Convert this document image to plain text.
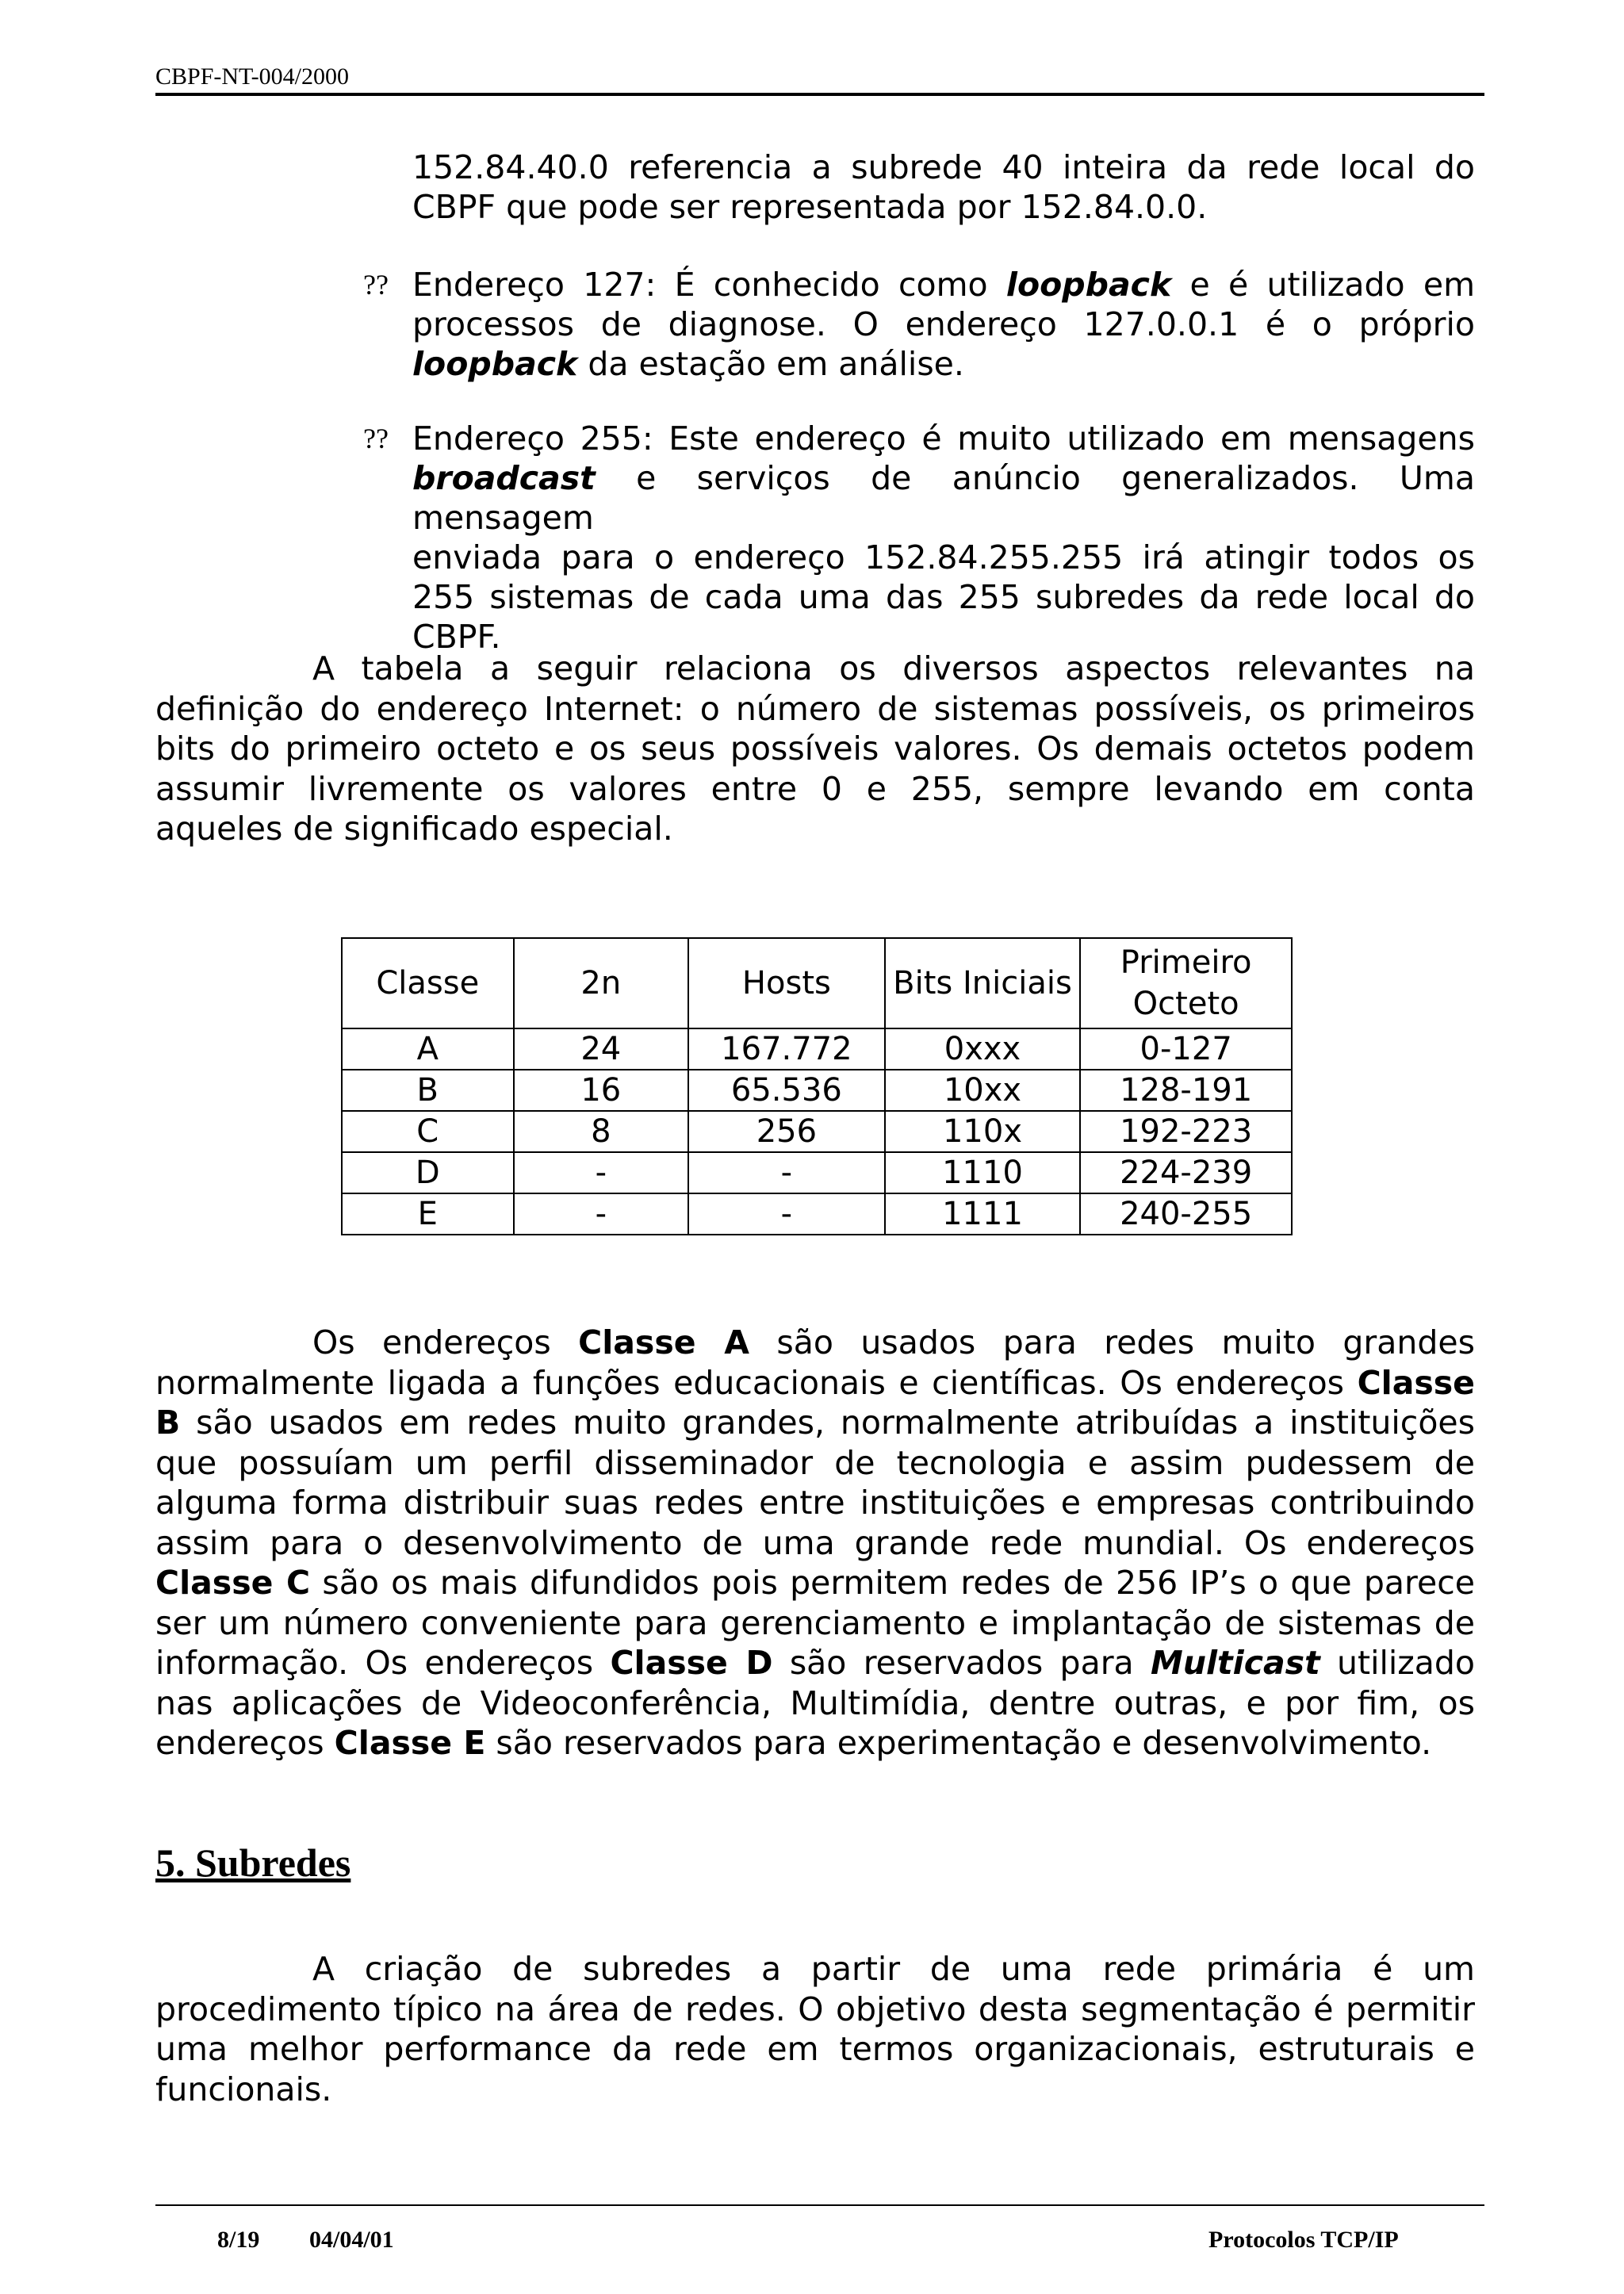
CBPF-NT-004/2000
152.84.40.0 referencia a subrede 40 inteira da rede local do
CBPF que pode ser representada por 152.84.0.0.
?? Endereço 127: É conhecido como loopback e é utilizado em
processos de diagnose. O endereço 127.0.0.1 é o próprio
loopback da estação em análise.
?? Endereço 255: Este endereço é muito utilizado em mensagens
broadcast e serviços de anúncio generalizados. Uma mensagem
enviada para o endereço 152.84.255.255 irá atingir todos os
255 sistemas de cada uma das 255 subredes da rede local do
CBPF.
A tabela a seguir relaciona os diversos aspectos relevantes na
definição do endereço Internet: o número de sistemas possíveis, os primeiros
bits do primeiro octeto e os seus possíveis valores. Os demais octetos podem
assumir livremente os valores entre 0 e 255, sempre levando em conta
aqueles de significado especial.
Classe	2n	Hosts	Bits Iniciais	Primeiro
Octeto
A	24	167.772	0xxx	0-127
B	16	65.536	10xx	128-191
C	8	256	110x	192-223
D	-	-	1110	224-239
E	-	-	1111	240-255
Os endereços Classe A são usados para redes muito grandes
normalmente ligada a funções educacionais e científicas. Os endereços Classe
B são usados em redes muito grandes, normalmente atribuídas a instituições
que possuíam um perfil disseminador de tecnologia e assim pudessem de
alguma forma distribuir suas redes entre instituições e empresas contribuindo
assim para o desenvolvimento de uma grande rede mundial. Os endereços
Classe C são os mais difundidos pois permitem redes de 256 IP’s o que parece
ser um número conveniente para gerenciamento e implantação de sistemas de
informação. Os endereços Classe D são reservados para Multicast utilizado
nas aplicações de Videoconferência, Multimídia, dentre outras, e por fim, os
endereços Classe E são reservados para experimentação e desenvolvimento.
5. Subredes
A criação de subredes a partir de uma rede primária é um
procedimento típico na área de redes. O objetivo desta segmentação é permitir
uma melhor performance da rede em termos organizacionais, estruturais e
funcionais.
8/19 04/04/01	Protocolos TCP/IP
